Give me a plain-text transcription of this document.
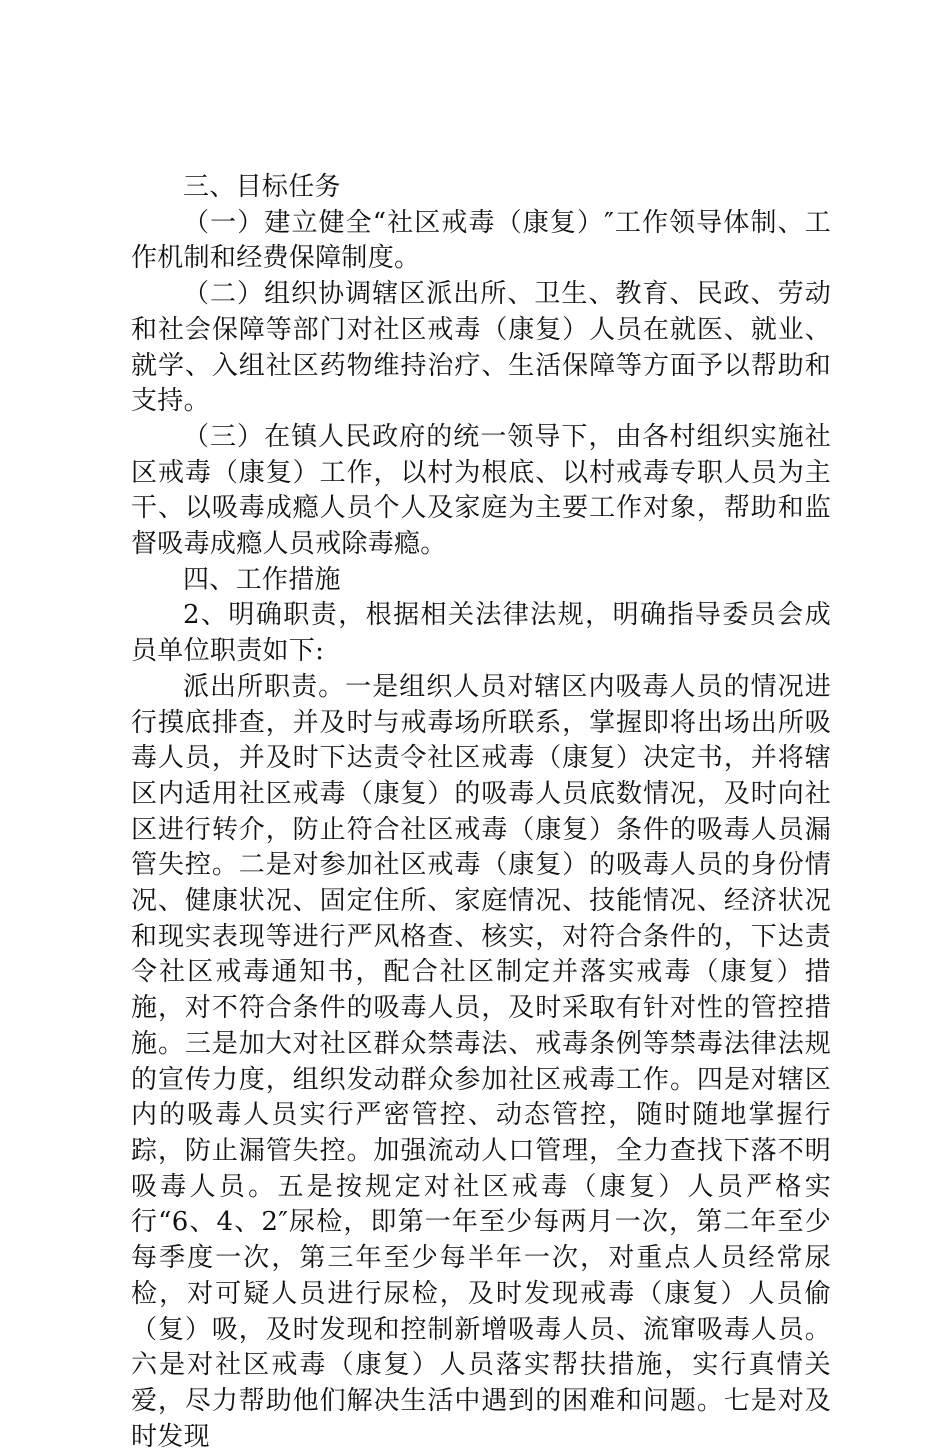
三、目标任务

（一）建立健全“社区戒毒（康复）″工作领导体制、工作机制和经费保障制度。

（二）组织协调辖区派出所、卫生、教育、民政、劳动和社会保障等部门对社区戒毒（康复）人员在就医、就业、就学、入组社区药物维持治疗、生活保障等方面予以帮助和支持。

（三）在镇人民政府的统一领导下，由各村组织实施社区戒毒（康复）工作，以村为根底、以村戒毒专职人员为主干、以吸毒成瘾人员个人及家庭为主要工作对象，帮助和监督吸毒成瘾人员戒除毒瘾。

四、工作措施

2、明确职责，根据相关法律法规，明确指导委员会成员单位职责如下:

派出所职责。一是组织人员对辖区内吸毒人员的情况进行摸底排查，并及时与戒毒场所联系，掌握即将出场出所吸毒人员，并及时下达责令社区戒毒（康复）决定书，并将辖区内适用社区戒毒（康复）的吸毒人员底数情况，及时向社区进行转介，防止符合社区戒毒（康复）条件的吸毒人员漏管失控。二是对参加社区戒毒（康复）的吸毒人员的身份情况、健康状况、固定住所、家庭情况、技能情况、经济状况和现实表现等进行严风格查、核实，对符合条件的，下达责令社区戒毒通知书，配合社区制定并落实戒毒（康复）措施，对不符合条件的吸毒人员，及时采取有针对性的管控措施。三是加大对社区群众禁毒法、戒毒条例等禁毒法律法规的宣传力度，组织发动群众参加社区戒毒工作。四是对辖区内的吸毒人员实行严密管控、动态管控，随时随地掌握行踪，防止漏管失控。加强流动人口管理，全力查找下落不明吸毒人员。五是按规定对社区戒毒（康复）人员严格实行“6、4、2″尿检，即第一年至少每两月一次，第二年至少每季度一次，第三年至少每半年一次，对重点人员经常尿检，对可疑人员进行尿检，及时发现戒毒（康复）人员偷（复）吸，及时发现和控制新增吸毒人员、流窜吸毒人员。六是对社区戒毒（康复）人员落实帮扶措施，实行真情关爱，尽力帮助他们解决生活中遇到的困难和问题。七是对及时发现
